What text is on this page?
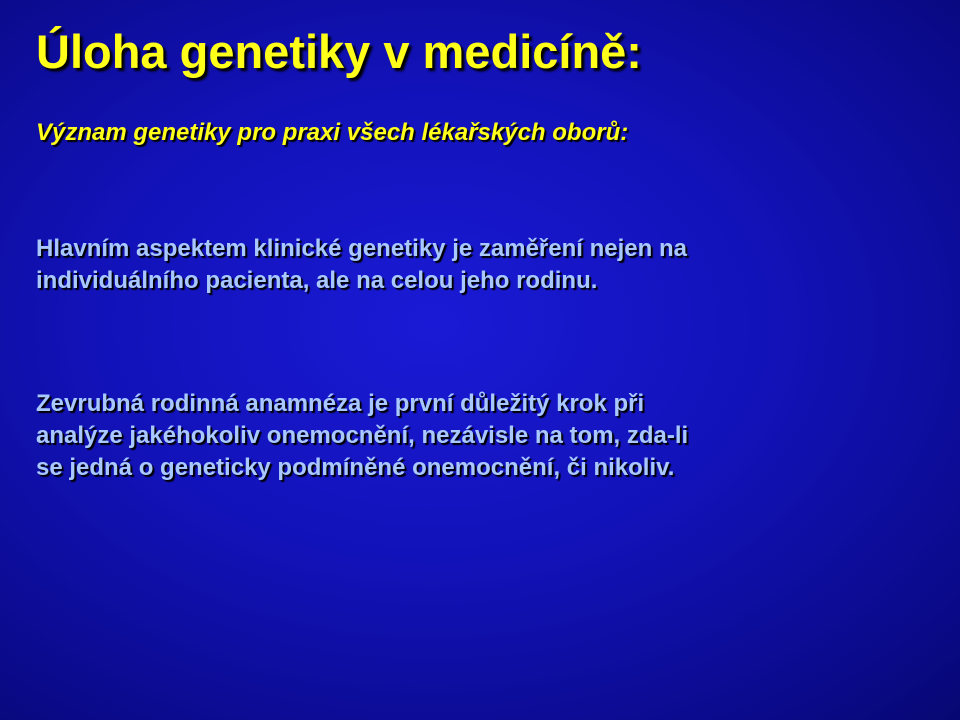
Úloha genetiky v medicíně:
Význam genetiky pro praxi všech lékařských oborů:

Hlavním aspektem klinické genetiky je zaměření nejen na
individuálního pacienta, ale na celou jeho rodinu.

Zevrubná rodinná anamnéza je první důležitý krok při
analýze jakéhokoliv onemocnění, nezávisle na tom, zda-li
se jedná o geneticky podmíněné onemocnění, či nikoliv.
